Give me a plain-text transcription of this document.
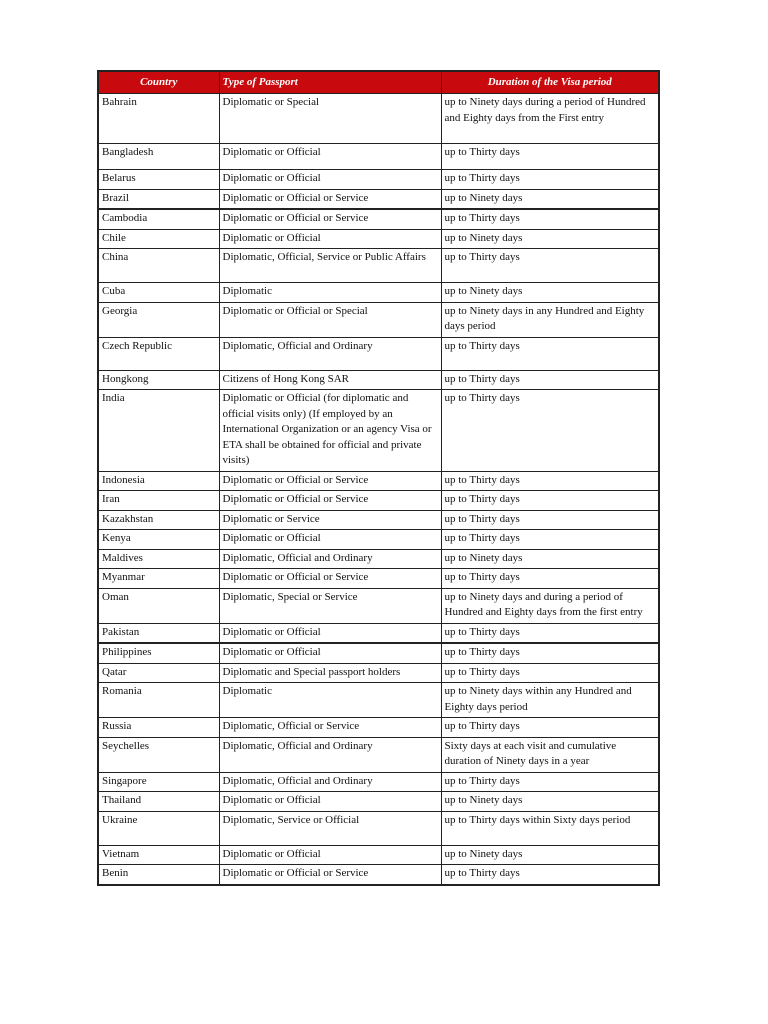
Country	Type of Passport	Duration of the Visa period
Bahrain	Diplomatic or Special	up to Ninety days during a period of Hundred and Eighty days from the First entry
Bangladesh	Diplomatic or Official	up to Thirty days
Belarus	Diplomatic or Official	up to Thirty days
Brazil	Diplomatic or Official or Service	up to Ninety days
Cambodia	Diplomatic or Official or Service	up to Thirty days
Chile	Diplomatic or Official	up to Ninety days
China	Diplomatic, Official, Service or Public Affairs	up to Thirty days
Cuba	Diplomatic	up to Ninety days
Georgia	Diplomatic or Official or Special	up to Ninety days in any Hundred and Eighty days period
Czech Republic	Diplomatic, Official and Ordinary	up to Thirty days
Hongkong	Citizens of Hong Kong SAR	up to Thirty days
India	Diplomatic or Official (for diplomatic and official visits only) (If employed by an International Organization or an agency Visa or ETA shall be obtained for official and private visits)	up to Thirty days
Indonesia	Diplomatic or Official or Service	up to Thirty days
Iran	Diplomatic or Official or Service	up to Thirty days
Kazakhstan	Diplomatic or Service	up to Thirty days
Kenya	Diplomatic or Official	up to Thirty days
Maldives	Diplomatic, Official and Ordinary	up to Ninety days
Myanmar	Diplomatic or Official or Service	up to Thirty days
Oman	Diplomatic, Special or Service	up to Ninety days and during a period of Hundred and Eighty days from the first entry
Pakistan	Diplomatic or Official	up to Thirty days
Philippines	Diplomatic or Official	up to Thirty days
Qatar	Diplomatic and Special passport holders	up to Thirty days
Romania	Diplomatic	up to Ninety days within any Hundred and Eighty days period
Russia	Diplomatic, Official or Service	up to Thirty days
Seychelles	Diplomatic, Official and Ordinary	Sixty days at each visit and cumulative duration of Ninety days in a year
Singapore	Diplomatic, Official and Ordinary	up to Thirty days
Thailand	Diplomatic or Official	up to Ninety days
Ukraine	Diplomatic, Service or Official	up to Thirty days within Sixty days period
Vietnam	Diplomatic or Official	up to Ninety days
Benin	Diplomatic or Official or Service	up to Thirty days
